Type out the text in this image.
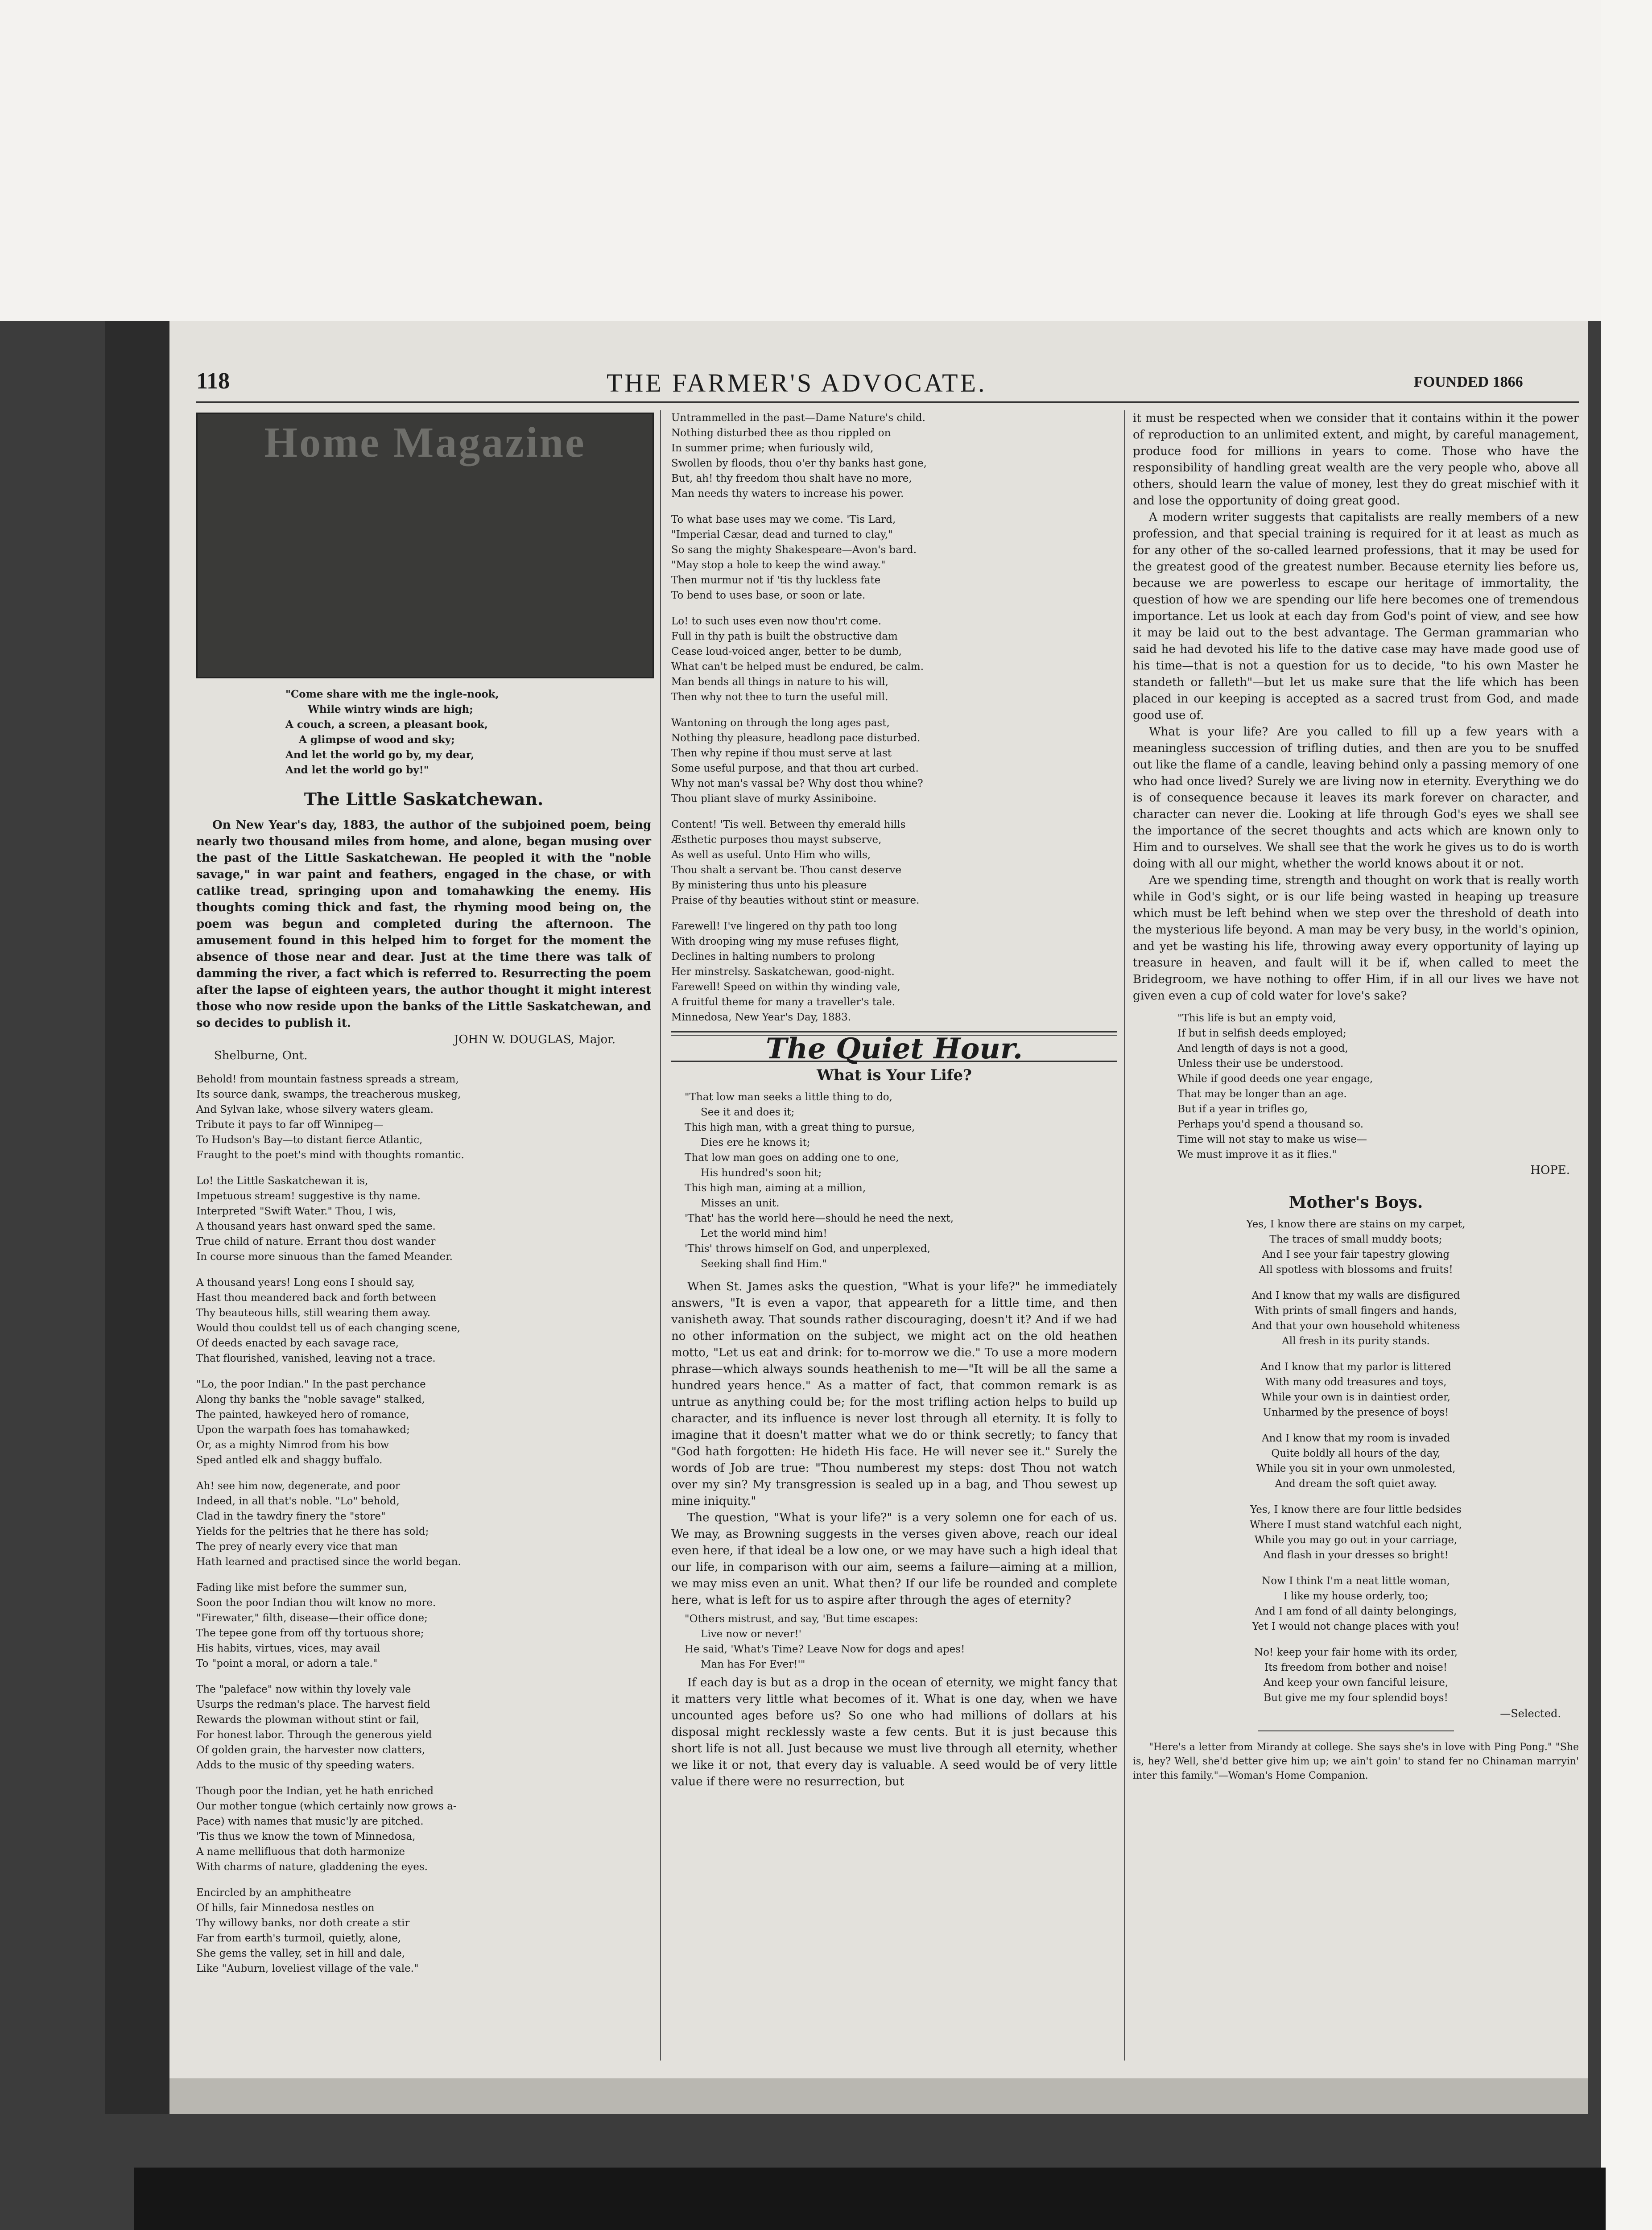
118	THE FARMER'S ADVOCATE.	FOUNDED 1866
Home Magazine

"Come share with me the ingle-nook,

While wintry winds are high;

A couch, a screen, a pleasant book,

A glimpse of wood and sky;

And let the world go by, my dear,

And let the world go by!"

The Little Saskatchewan.

On New Year's day, 1883, the author of the subjoined poem, being nearly two thousand miles from home, and alone, began musing over the past of the Little Saskatchewan. He peopled it with the "noble savage," in war paint and feathers, engaged in the chase, or with catlike tread, springing upon and tomahawking the enemy. His thoughts coming thick and fast, the rhyming mood being on, the poem was begun and completed during the afternoon. The amusement found in this helped him to forget for the moment the absence of those near and dear. Just at the time there was talk of damming the river, a fact which is referred to. Resurrecting the poem after the lapse of eighteen years, the author thought it might interest those who now reside upon the banks of the Little Saskatchewan, and so decides to publish it.

JOHN W. DOUGLAS, Major.
Shelburne, Ont.

Behold! from mountain fastness spreads a stream,

Its source dank, swamps, the treacherous muskeg,

And Sylvan lake, whose silvery waters gleam.

Tribute it pays to far off Winnipeg—

To Hudson's Bay—to distant fierce Atlantic,

Fraught to the poet's mind with thoughts romantic.

Lo! the Little Saskatchewan it is,

Impetuous stream! suggestive is thy name.

Interpreted "Swift Water." Thou, I wis,

A thousand years hast onward sped the same.

True child of nature. Errant thou dost wander

In course more sinuous than the famed Meander.

A thousand years! Long eons I should say,

Hast thou meandered back and forth between

Thy beauteous hills, still wearing them away.

Would thou couldst tell us of each changing scene,

Of deeds enacted by each savage race,

That flourished, vanished, leaving not a trace.

"Lo, the poor Indian." In the past perchance

Along thy banks the "noble savage" stalked,

The painted, hawkeyed hero of romance,

Upon the warpath foes has tomahawked;

Or, as a mighty Nimrod from his bow

Sped antled elk and shaggy buffalo.

Ah! see him now, degenerate, and poor

Indeed, in all that's noble. "Lo" behold,

Clad in the tawdry finery the "store"

Yields for the peltries that he there has sold;

The prey of nearly every vice that man

Hath learned and practised since the world began.

Fading like mist before the summer sun,

Soon the poor Indian thou wilt know no more.

"Firewater," filth, disease—their office done;

The tepee gone from off thy tortuous shore;

His habits, virtues, vices, may avail

To "point a moral, or adorn a tale."

The "paleface" now within thy lovely vale

Usurps the redman's place. The harvest field

Rewards the plowman without stint or fail,

For honest labor. Through the generous yield

Of golden grain, the harvester now clatters,

Adds to the music of thy speeding waters.

Though poor the Indian, yet he hath enriched

Our mother tongue (which certainly now grows a-

Pace) with names that music'ly are pitched.

'Tis thus we know the town of Minnedosa,

A name mellifluous that doth harmonize

With charms of nature, gladdening the eyes.

Encircled by an amphitheatre

Of hills, fair Minnedosa nestles on

Thy willowy banks, nor doth create a stir

Far from earth's turmoil, quietly, alone,

She gems the valley, set in hill and dale,

Like "Auburn, loveliest village of the vale."

Untrammelled in the past—Dame Nature's child.

Nothing disturbed thee as thou rippled on

In summer prime; when furiously wild,

Swollen by floods, thou o'er thy banks hast gone,

But, ah! thy freedom thou shalt have no more,

Man needs thy waters to increase his power.

To what base uses may we come. 'Tis Lard,

"Imperial Cæsar, dead and turned to clay,"

So sang the mighty Shakespeare—Avon's bard.

"May stop a hole to keep the wind away."

Then murmur not if 'tis thy luckless fate

To bend to uses base, or soon or late.

Lo! to such uses even now thou'rt come.

Full in thy path is built the obstructive dam

Cease loud-voiced anger, better to be dumb,

What can't be helped must be endured, be calm.

Man bends all things in nature to his will,

Then why not thee to turn the useful mill.

Wantoning on through the long ages past,

Nothing thy pleasure, headlong pace disturbed.

Then why repine if thou must serve at last

Some useful purpose, and that thou art curbed.

Why not man's vassal be? Why dost thou whine?

Thou pliant slave of murky Assiniboine.

Content! 'Tis well. Between thy emerald hills

Æsthetic purposes thou mayst subserve,

As well as useful. Unto Him who wills,

Thou shalt a servant be. Thou canst deserve

By ministering thus unto his pleasure

Praise of thy beauties without stint or measure.

Farewell! I've lingered on thy path too long

With drooping wing my muse refuses flight,

Declines in halting numbers to prolong

Her minstrelsy. Saskatchewan, good-night.

Farewell! Speed on within thy winding vale,

A fruitful theme for many a traveller's tale.

Minnedosa, New Year's Day, 1883.

The Quiet Hour.
What is Your Life?

"That low man seeks a little thing to do,

See it and does it;

This high man, with a great thing to pursue,

Dies ere he knows it;

That low man goes on adding one to one,

His hundred's soon hit;

This high man, aiming at a million,

Misses an unit.

'That' has the world here—should he need the next,

Let the world mind him!

'This' throws himself on God, and unperplexed,

Seeking shall find Him."

When St. James asks the question, "What is your life?" he immediately answers, "It is even a vapor, that appeareth for a little time, and then vanisheth away. That sounds rather discouraging, doesn't it? And if we had no other information on the subject, we might act on the old heathen motto, "Let us eat and drink: for to-morrow we die." To use a more modern phrase—which always sounds heathenish to me—"It will be all the same a hundred years hence." As a matter of fact, that common remark is as untrue as anything could be; for the most trifling action helps to build up character, and its influence is never lost through all eternity. It is folly to imagine that it doesn't matter what we do or think secretly; to fancy that "God hath forgotten: He hideth His face. He will never see it." Surely the words of Job are true: "Thou numberest my steps: dost Thou not watch over my sin? My transgression is sealed up in a bag, and Thou sewest up mine iniquity."

The question, "What is your life?" is a very solemn one for each of us. We may, as Browning suggests in the verses given above, reach our ideal even here, if that ideal be a low one, or we may have such a high ideal that our life, in comparison with our aim, seems a failure—aiming at a million, we may miss even an unit. What then? If our life be rounded and complete here, what is left for us to aspire after through the ages of eternity?

"Others mistrust, and say, 'But time escapes:

Live now or never!'

He said, 'What's Time? Leave Now for dogs and apes!

Man has For Ever!'"

If each day is but as a drop in the ocean of eternity, we might fancy that it matters very little what becomes of it. What is one day, when we have uncounted ages before us? So one who had millions of dollars at his disposal might recklessly waste a few cents. But it is just because this short life is not all. Just because we must live through all eternity, whether we like it or not, that every day is valuable. A seed would be of very little value if there were no resurrection, but

it must be respected when we consider that it contains within it the power of reproduction to an unlimited extent, and might, by careful management, produce food for millions in years to come. Those who have the responsibility of handling great wealth are the very people who, above all others, should learn the value of money, lest they do great mischief with it and lose the opportunity of doing great good.

A modern writer suggests that capitalists are really members of a new profession, and that special training is required for it at least as much as for any other of the so-called learned professions, that it may be used for the greatest good of the greatest number. Because eternity lies before us, because we are powerless to escape our heritage of immortality, the question of how we are spending our life here becomes one of tremendous importance. Let us look at each day from God's point of view, and see how it may be laid out to the best advantage. The German grammarian who said he had devoted his life to the dative case may have made good use of his time—that is not a question for us to decide, "to his own Master he standeth or falleth"—but let us make sure that the life which has been placed in our keeping is accepted as a sacred trust from God, and made good use of.

What is your life? Are you called to fill up a few years with a meaningless succession of trifling duties, and then are you to be snuffed out like the flame of a candle, leaving behind only a passing memory of one who had once lived? Surely we are living now in eternity. Everything we do is of consequence because it leaves its mark forever on character, and character can never die. Looking at life through God's eyes we shall see the importance of the secret thoughts and acts which are known only to Him and to ourselves. We shall see that the work he gives us to do is worth doing with all our might, whether the world knows about it or not.

Are we spending time, strength and thought on work that is really worth while in God's sight, or is our life being wasted in heaping up treasure which must be left behind when we step over the threshold of death into the mysterious life beyond. A man may be very busy, in the world's opinion, and yet be wasting his life, throwing away every opportunity of laying up treasure in heaven, and fault will it be if, when called to meet the Bridegroom, we have nothing to offer Him, if in all our lives we have not given even a cup of cold water for love's sake?

"This life is but an empty void,

If but in selfish deeds employed;

And length of days is not a good,

Unless their use be understood.

While if good deeds one year engage,

That may be longer than an age.

But if a year in trifles go,

Perhaps you'd spend a thousand so.

Time will not stay to make us wise—

We must improve it as it flies."

HOPE.
Mother's Boys.

Yes, I know there are stains on my carpet,

The traces of small muddy boots;

And I see your fair tapestry glowing

All spotless with blossoms and fruits!

And I know that my walls are disfigured

With prints of small fingers and hands,

And that your own household whiteness

All fresh in its purity stands.

And I know that my parlor is littered

With many odd treasures and toys,

While your own is in daintiest order,

Unharmed by the presence of boys!

And I know that my room is invaded

Quite boldly all hours of the day,

While you sit in your own unmolested,

And dream the soft quiet away.

Yes, I know there are four little bedsides

Where I must stand watchful each night,

While you may go out in your carriage,

And flash in your dresses so bright!

Now I think I'm a neat little woman,

I like my house orderly, too;

And I am fond of all dainty belongings,

Yet I would not change places with you!

No! keep your fair home with its order,

Its freedom from bother and noise!

And keep your own fanciful leisure,

But give me my four splendid boys!

—Selected.

"Here's a letter from Mirandy at college. She says she's in love with Ping Pong." "She is, hey? Well, she'd better give him up; we ain't goin' to stand fer no Chinaman marryin' inter this family."—Woman's Home Companion.
